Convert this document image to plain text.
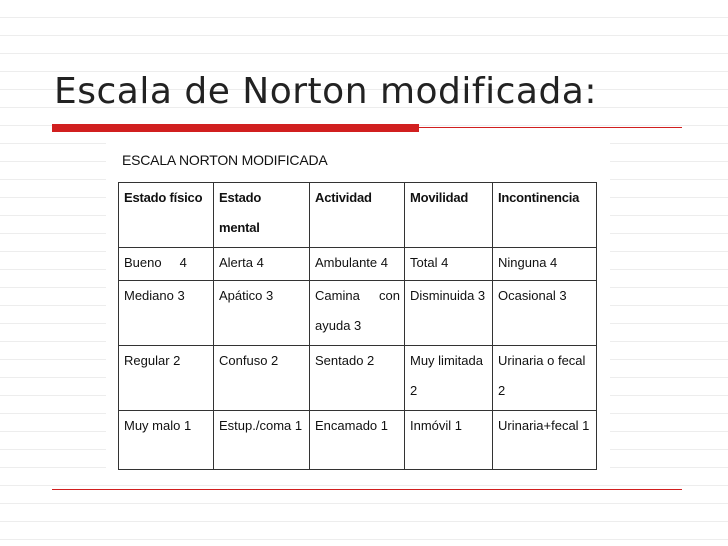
Escala de Norton modificada:
ESCALA NORTON MODIFICADA
Estado físico	Estado mental	Actividad	Movilidad	Incontinencia
Bueno     4	Alerta 4	Ambulante 4	Total 4	Ninguna 4
Mediano 3	Apático 3	Camina con ayuda 3	Disminuida 3	Ocasional 3
Regular 2	Confuso 2	Sentado 2	Muy limitada 2	Urinaria o fecal 2
Muy malo 1	Estup./coma 1	Encamado 1	Inmóvil 1	Urinaria+fecal 1
